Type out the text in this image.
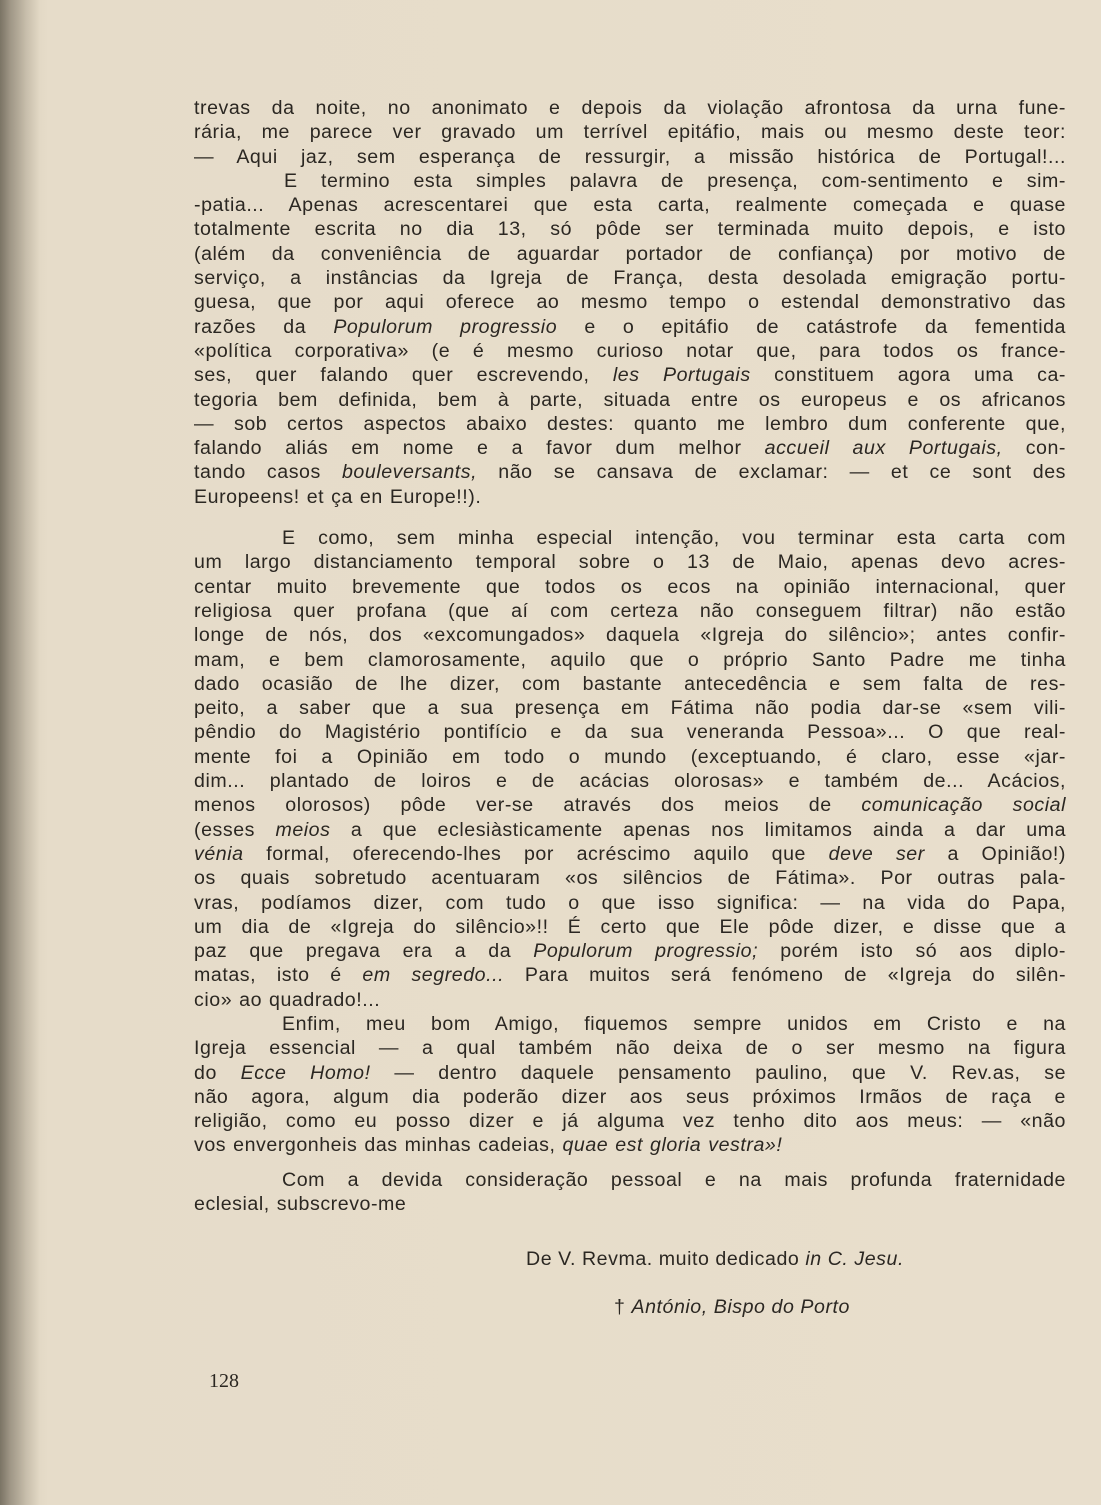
trevas da noite, no anonimato e depois da violação afrontosa da urna fune-
rária, me parece ver gravado um terrível epitáfio, mais ou mesmo deste teor:
— Aqui jaz, sem esperança de ressurgir, a missão histórica de Portugal!...
E termino esta simples palavra de presença, com-sentimento e sim-
-patia... Apenas acrescentarei que esta carta, realmente começada e quase
totalmente escrita no dia 13, só pôde ser terminada muito depois, e isto
(além da conveniência de aguardar portador de confiança) por motivo de
serviço, a instâncias da Igreja de França, desta desolada emigração portu-
guesa, que por aqui oferece ao mesmo tempo o estendal demonstrativo das
razões da Populorum progressio e o epitáfio de catástrofe da fementida
«política corporativa» (e é mesmo curioso notar que, para todos os france-
ses, quer falando quer escrevendo, les Portugais constituem agora uma ca-
tegoria bem definida, bem à parte, situada entre os europeus e os africanos
— sob certos aspectos abaixo destes: quanto me lembro dum conferente que,
falando aliás em nome e a favor dum melhor accueil aux Portugais, con-
tando casos bouleversants, não se cansava de exclamar: — et ce sont des
Europeens! et ça en Europe!!).
E como, sem minha especial intenção, vou terminar esta carta com
um largo distanciamento temporal sobre o 13 de Maio, apenas devo acres-
centar muito brevemente que todos os ecos na opinião internacional, quer
religiosa quer profana (que aí com certeza não conseguem filtrar) não estão
longe de nós, dos «excomungados» daquela «Igreja do silêncio»; antes confir-
mam, e bem clamorosamente, aquilo que o próprio Santo Padre me tinha
dado ocasião de lhe dizer, com bastante antecedência e sem falta de res-
peito, a saber que a sua presença em Fátima não podia dar-se «sem vili-
pêndio do Magistério pontifício e da sua veneranda Pessoa»... O que real-
mente foi a Opinião em todo o mundo (exceptuando, é claro, esse «jar-
dim... plantado de loiros e de acácias olorosas» e também de... Acácios,
menos olorosos) pôde ver-se através dos meios de comunicação social
(esses meios a que eclesiàsticamente apenas nos limitamos ainda a dar uma
vénia formal, oferecendo-lhes por acréscimo aquilo que deve ser a Opinião!)
os quais sobretudo acentuaram «os silêncios de Fátima». Por outras pala-
vras, podíamos dizer, com tudo o que isso significa: — na vida do Papa,
um dia de «Igreja do silêncio»!! É certo que Ele pôde dizer, e disse que a
paz que pregava era a da Populorum progressio; porém isto só aos diplo-
matas, isto é em segredo... Para muitos será fenómeno de «Igreja do silên-
cio» ao quadrado!...
Enfim, meu bom Amigo, fiquemos sempre unidos em Cristo e na
Igreja essencial — a qual também não deixa de o ser mesmo na figura
do Ecce Homo! — dentro daquele pensamento paulino, que V. Rev.as, se
não agora, algum dia poderão dizer aos seus próximos Irmãos de raça e
religião, como eu posso dizer e já alguma vez tenho dito aos meus: — «não
vos envergonheis das minhas cadeias, quae est gloria vestra»!
Com a devida consideração pessoal e na mais profunda fraternidade
eclesial, subscrevo-me
De V. Revma. muito dedicado in C. Jesu.
† António, Bispo do Porto
128
